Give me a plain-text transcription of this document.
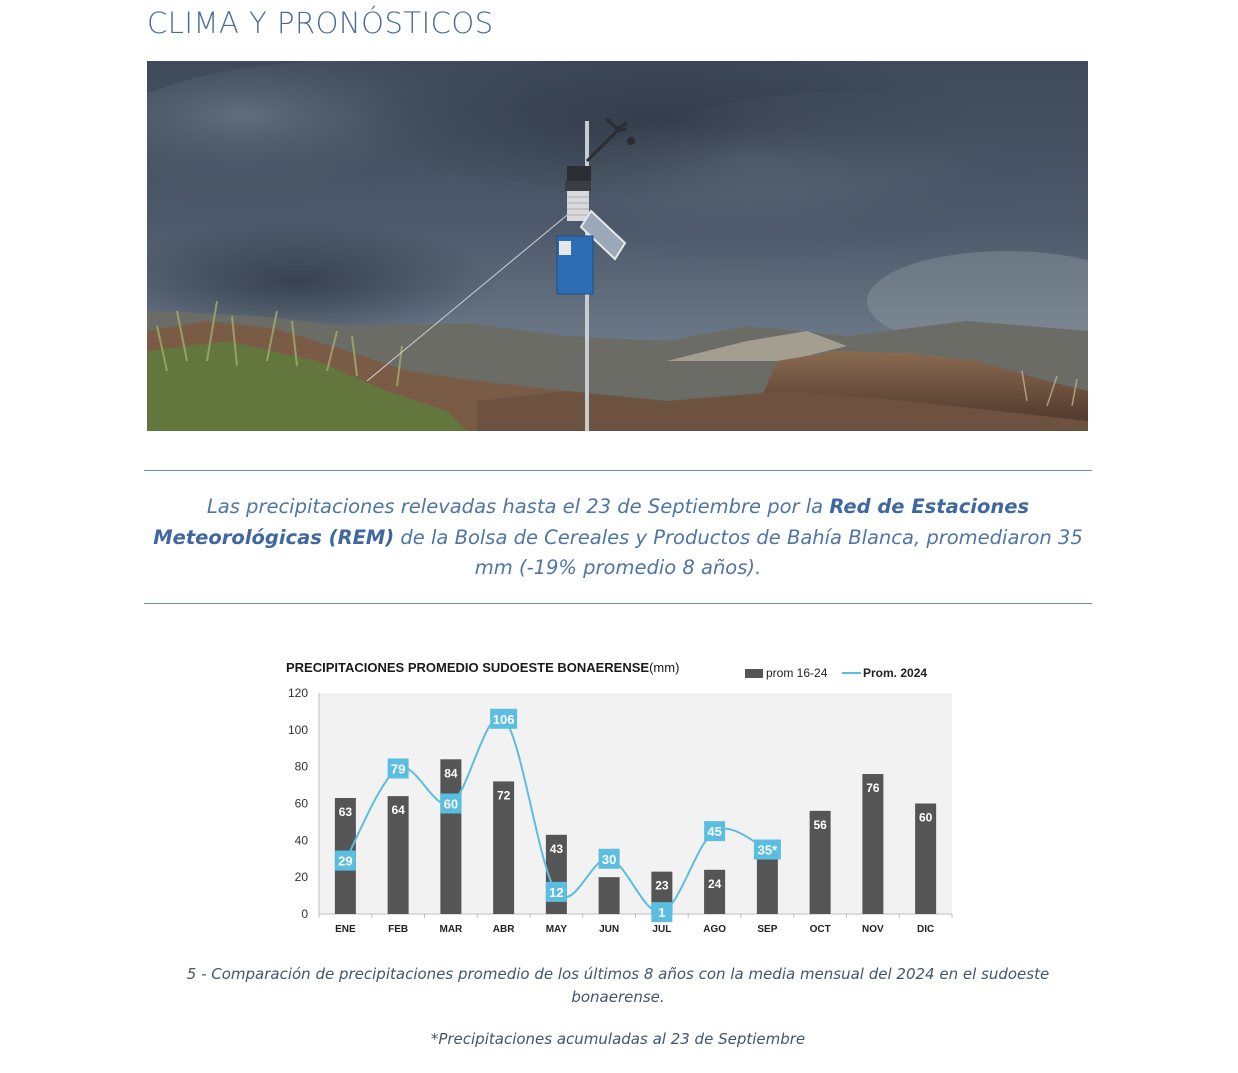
CLIMA Y PRONÓSTICOS
Las precipitaciones relevadas hasta el 23 de Septiembre por la Red de Estaciones Meteorológicas (REM) de la Bolsa de Cereales y Productos de Bahía Blanca, promediaron 35 mm (-19% promedio 8 años).
PRECIPITACIONES PROMEDIO SUDOESTE BONAERENSE(mm)	prom 16-24	Prom. 2024
0
20
40
60
80
100
120
ENE	FEB	MAR	ABR	MAY	JUN	JUL	AGO	SEP	OCT	NOV	DIC
63	64
84
72
43
23	24
56
76
60
29
79
60
106
12
30
1
45
35*
5 - Comparación de precipitaciones promedio de los últimos 8 años con la media mensual del 2024 en el sudoeste bonaerense.
*Precipitaciones acumuladas al 23 de Septiembre
